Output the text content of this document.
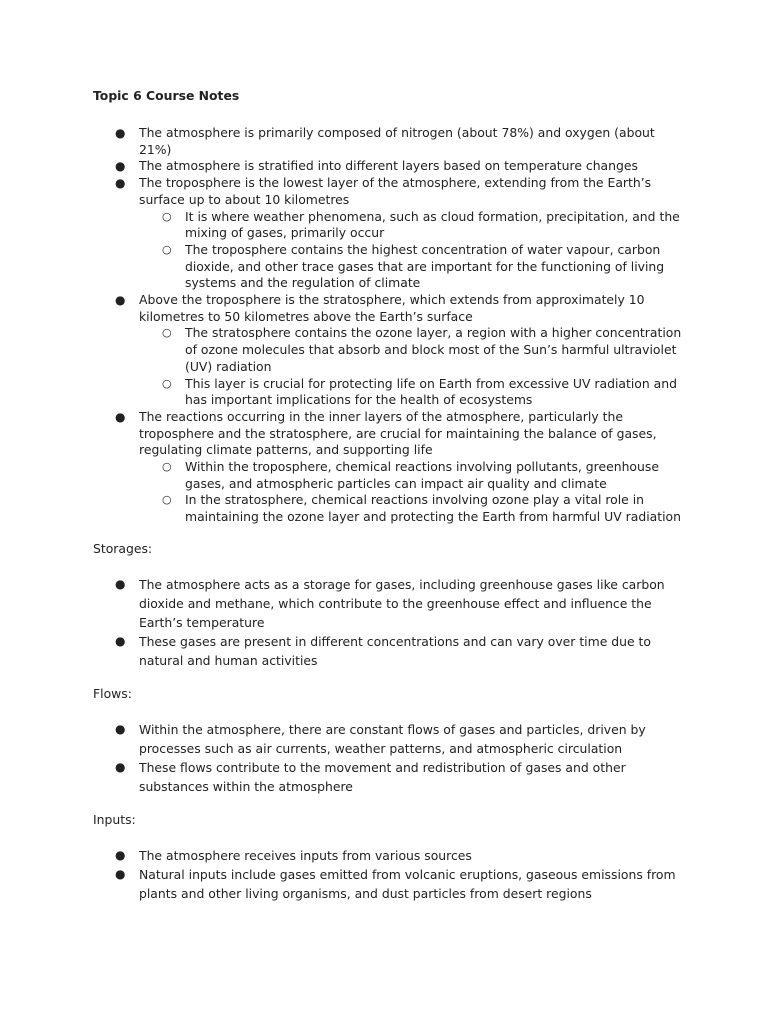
Topic 6 Course Notes

● The atmosphere is primarily composed of nitrogen (about 78%) and oxygen (about 21%)
● The atmosphere is stratified into different layers based on temperature changes
● The troposphere is the lowest layer of the atmosphere, extending from the Earth’s surface up to about 10 kilometres
○ It is where weather phenomena, such as cloud formation, precipitation, and the mixing of gases, primarily occur
○ The troposphere contains the highest concentration of water vapour, carbon dioxide, and other trace gases that are important for the functioning of living systems and the regulation of climate
● Above the troposphere is the stratosphere, which extends from approximately 10 kilometres to 50 kilometres above the Earth’s surface
○ The stratosphere contains the ozone layer, a region with a higher concentration of ozone molecules that absorb and block most of the Sun’s harmful ultraviolet (UV) radiation
○ This layer is crucial for protecting life on Earth from excessive UV radiation and has important implications for the health of ecosystems
● The reactions occurring in the inner layers of the atmosphere, particularly the troposphere and the stratosphere, are crucial for maintaining the balance of gases, regulating climate patterns, and supporting life
○ Within the troposphere, chemical reactions involving pollutants, greenhouse gases, and atmospheric particles can impact air quality and climate
○ In the stratosphere, chemical reactions involving ozone play a vital role in maintaining the ozone layer and protecting the Earth from harmful UV radiation

Storages:

● The atmosphere acts as a storage for gases, including greenhouse gases like carbon dioxide and methane, which contribute to the greenhouse effect and influence the Earth’s temperature
● These gases are present in different concentrations and can vary over time due to natural and human activities

Flows:

● Within the atmosphere, there are constant flows of gases and particles, driven by processes such as air currents, weather patterns, and atmospheric circulation
● These flows contribute to the movement and redistribution of gases and other substances within the atmosphere

Inputs:

● The atmosphere receives inputs from various sources
● Natural inputs include gases emitted from volcanic eruptions, gaseous emissions from plants and other living organisms, and dust particles from desert regions
